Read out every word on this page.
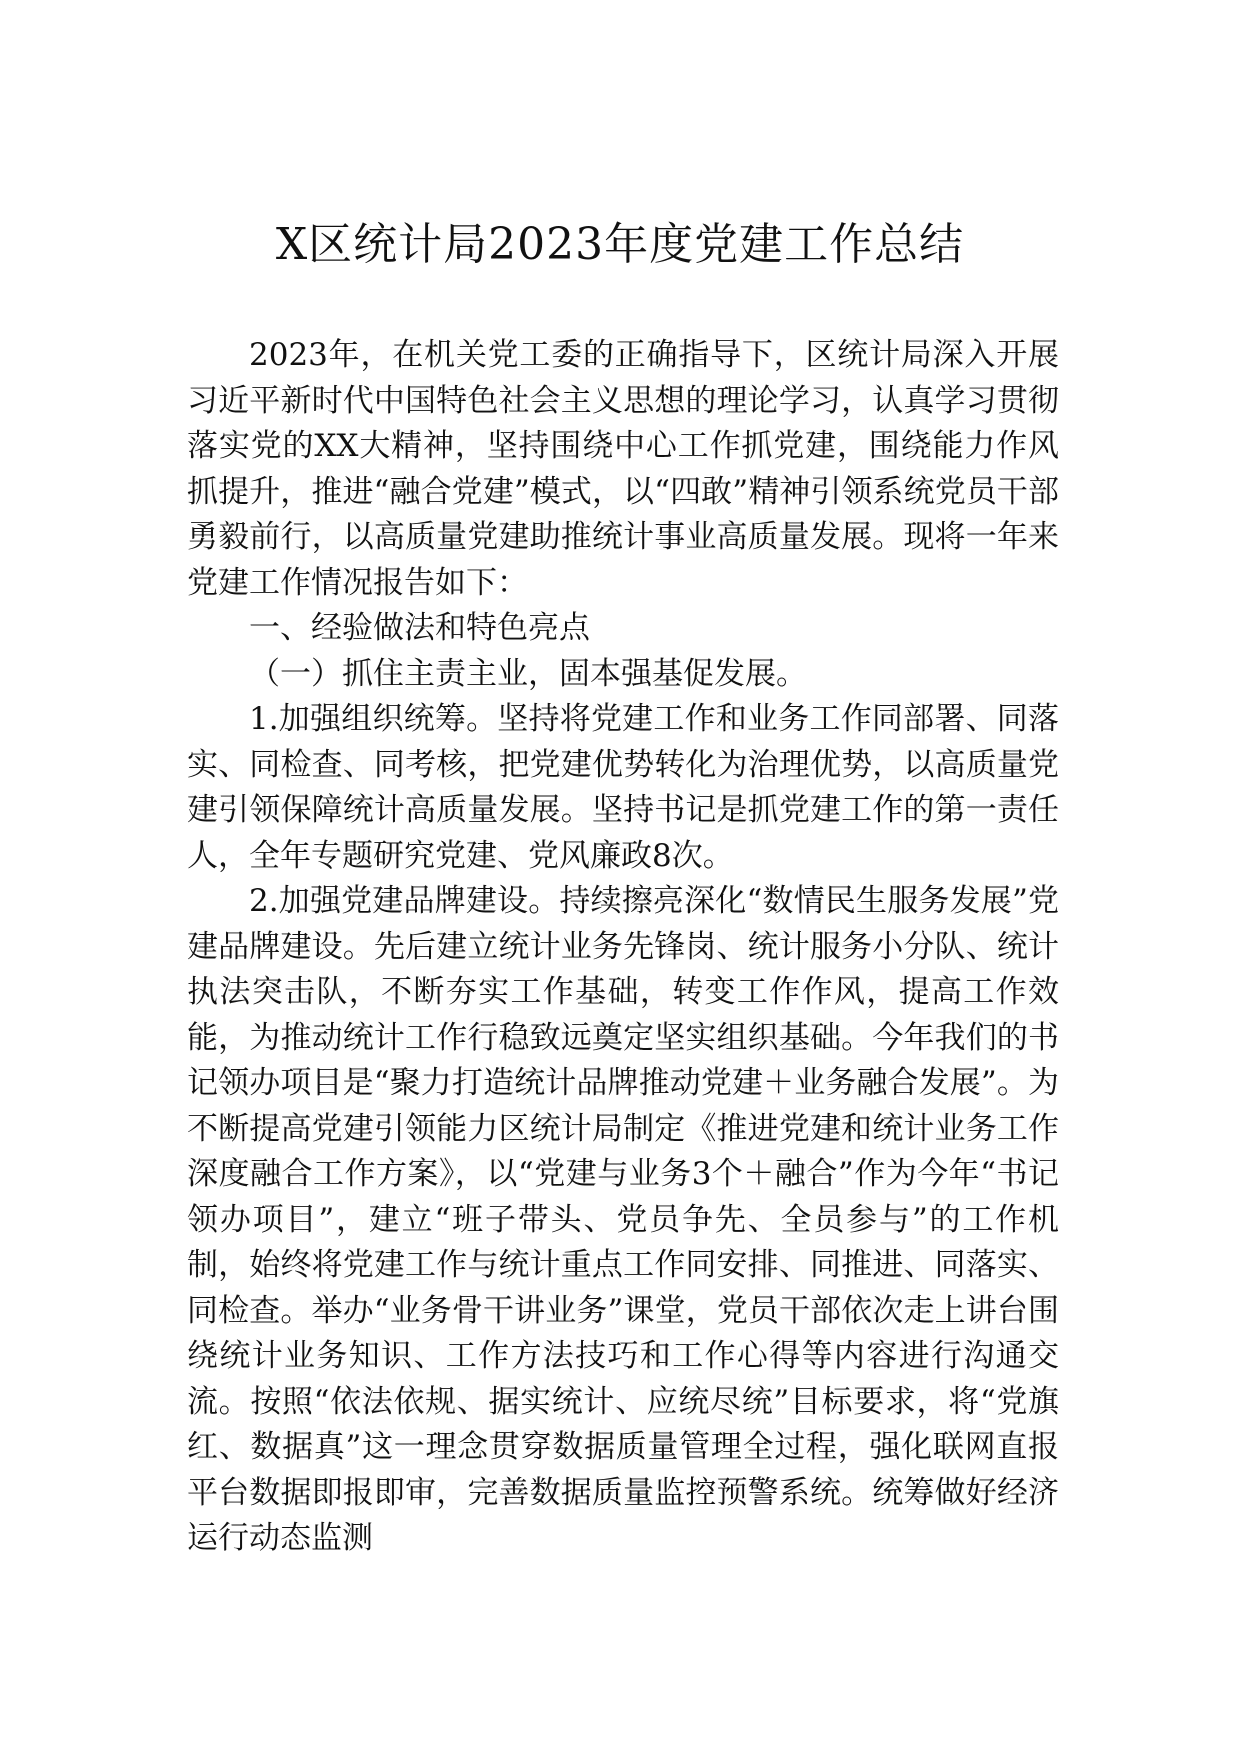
X区统计局2023年度党建工作总结

2023年，在机关党工委的正确指导下，区统计局深入开展习近平新时代中国特色社会主义思想的理论学习，认真学习贯彻落实党的XX大精神，坚持围绕中心工作抓党建，围绕能力作风抓提升，推进“融合党建”模式，以“四敢”精神引领系统党员干部勇毅前行，以高质量党建助推统计事业高质量发展。现将一年来党建工作情况报告如下：

一、经验做法和特色亮点

（一）抓住主责主业，固本强基促发展。

1.加强组织统筹。坚持将党建工作和业务工作同部署、同落实、同检查、同考核，把党建优势转化为治理优势，以高质量党建引领保障统计高质量发展。坚持书记是抓党建工作的第一责任人，全年专题研究党建、党风廉政8次。

2.加强党建品牌建设。持续擦亮深化“数情民生服务发展”党建品牌建设。先后建立统计业务先锋岗、统计服务小分队、统计执法突击队，不断夯实工作基础，转变工作作风，提高工作效能，为推动统计工作行稳致远奠定坚实组织基础。今年我们的书记领办项目是“聚力打造统计品牌推动党建＋业务融合发展”。为不断提高党建引领能力区统计局制定《推进党建和统计业务工作深度融合工作方案》，以“党建与业务3个＋融合”作为今年“书记领办项目”，建立“班子带头、党员争先、全员参与”的工作机制，始终将党建工作与统计重点工作同安排、同推进、同落实、同检查。举办“业务骨干讲业务”课堂，党员干部依次走上讲台围绕统计业务知识、工作方法技巧和工作心得等内容进行沟通交流。按照“依法依规、据实统计、应统尽统”目标要求，将“党旗红、数据真”这一理念贯穿数据质量管理全过程，强化联网直报平台数据即报即审，完善数据质量监控预警系统。统筹做好经济运行动态监测
